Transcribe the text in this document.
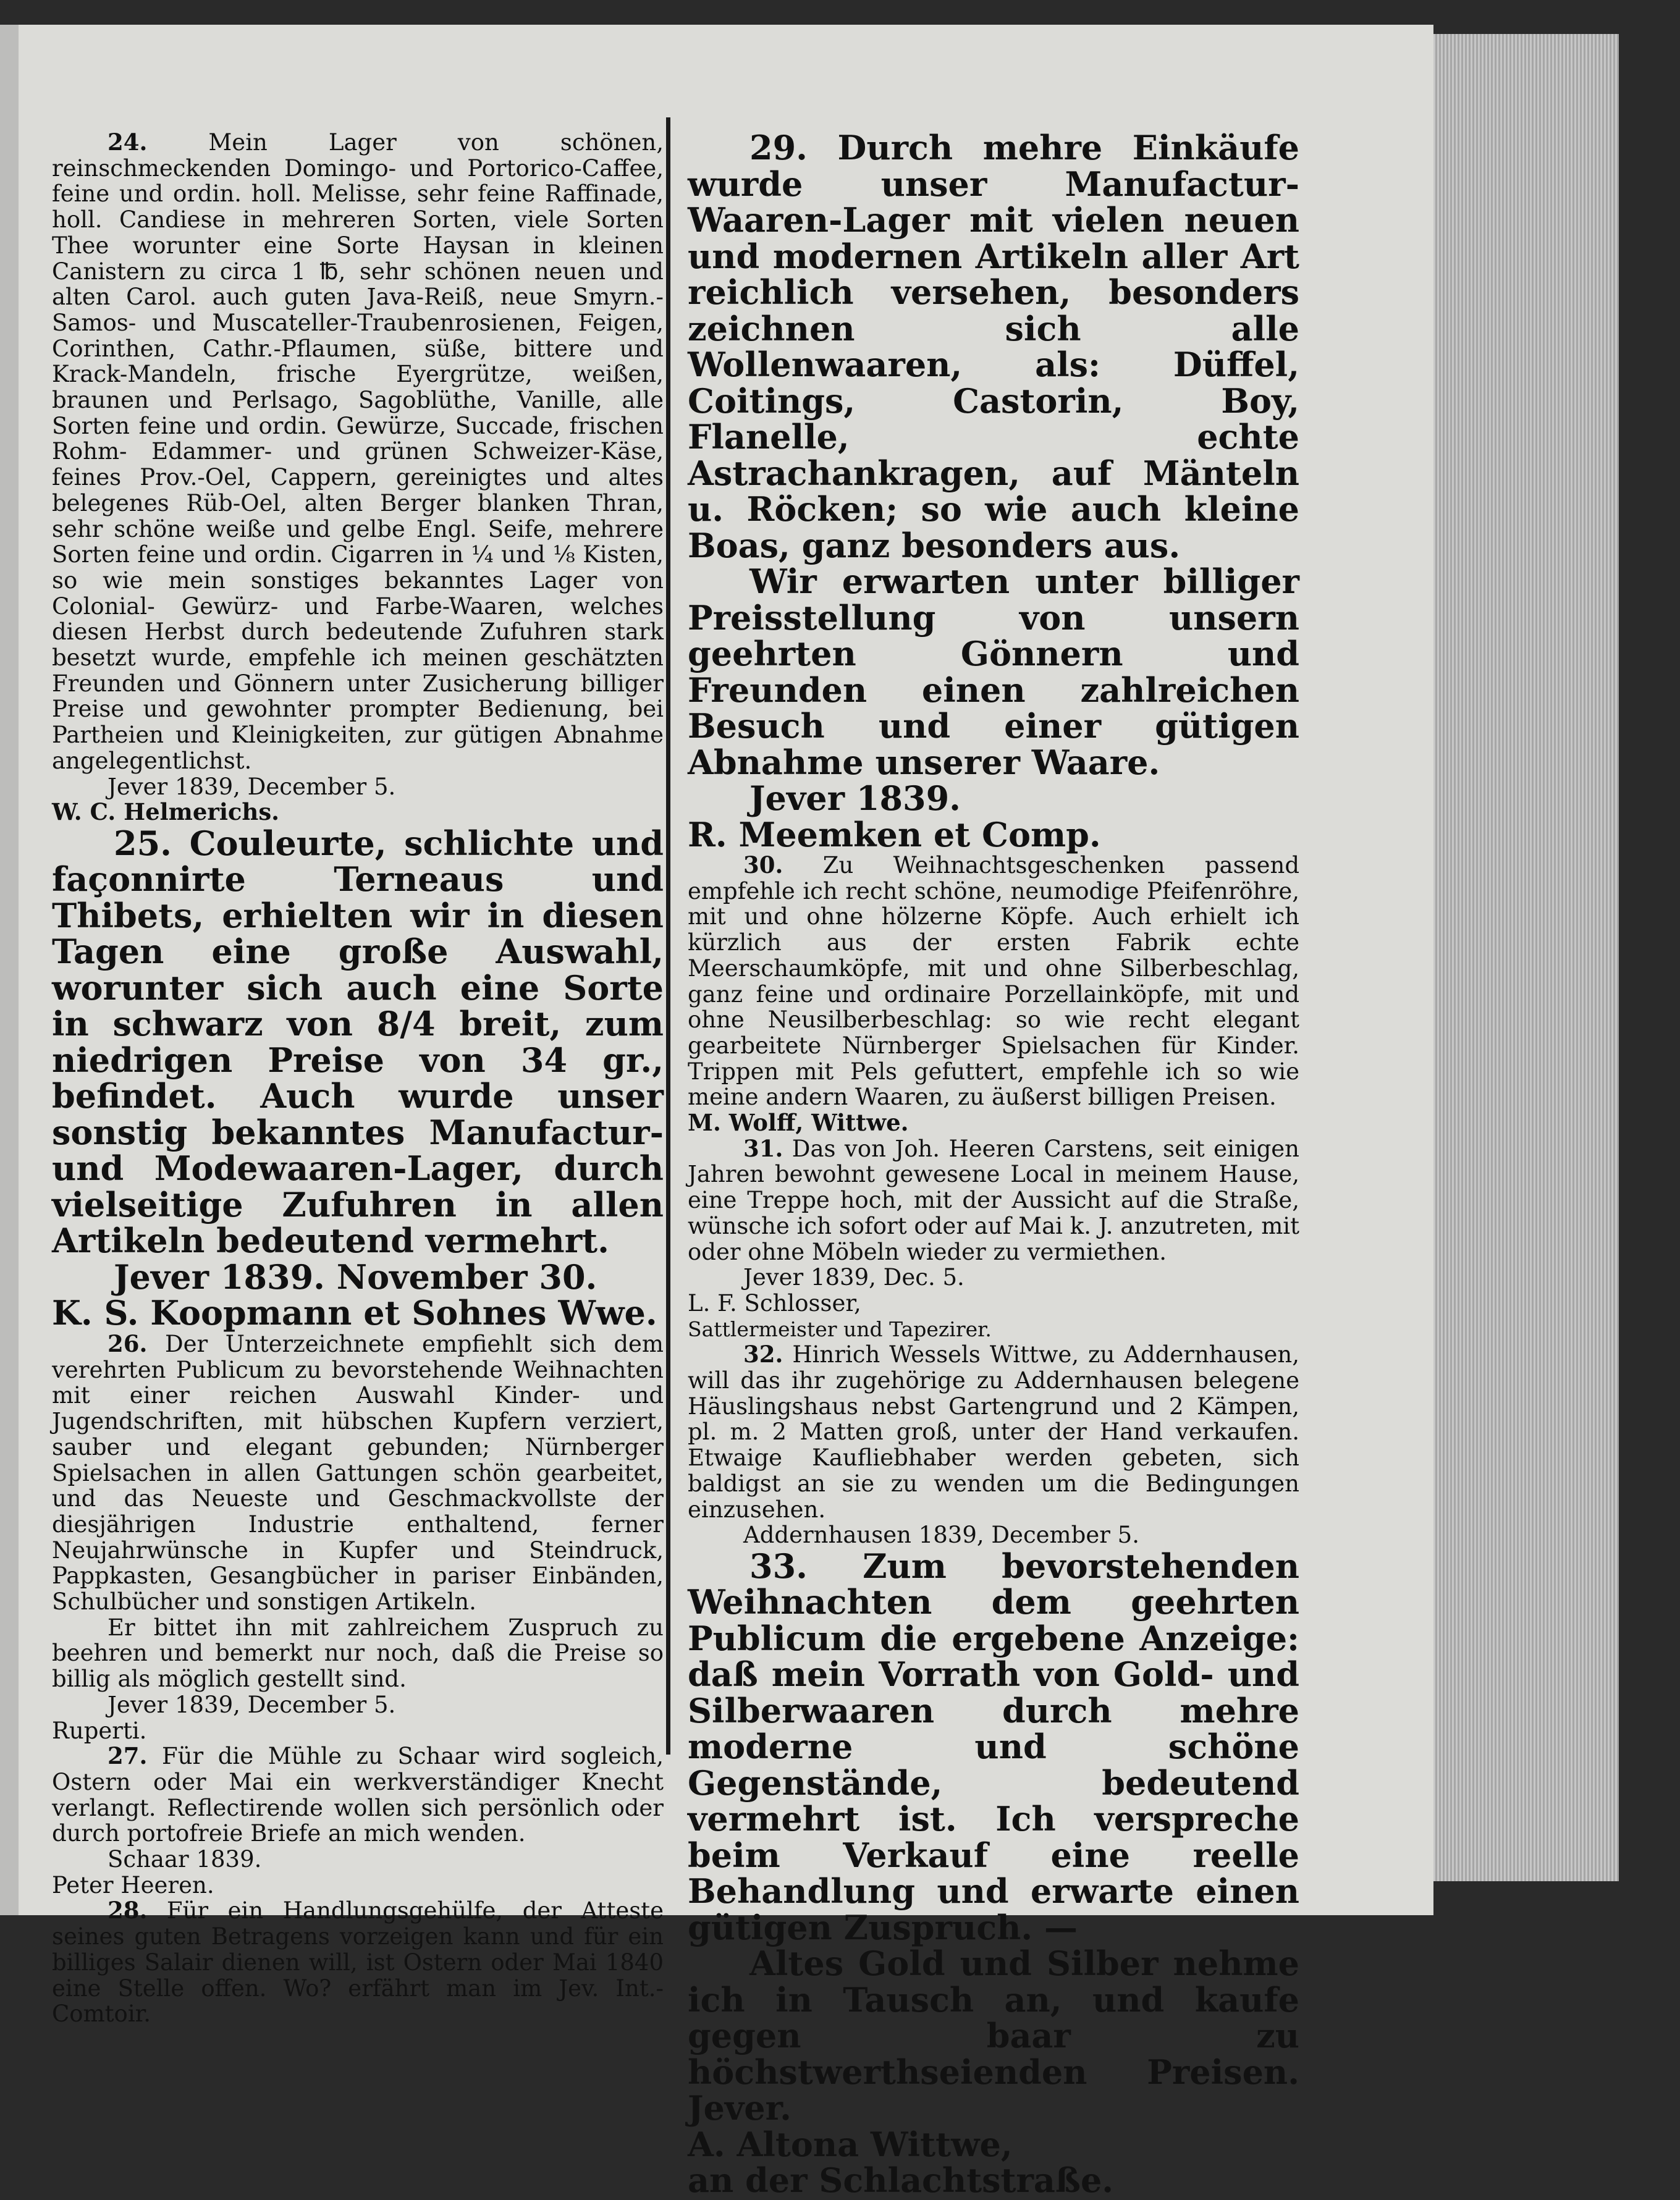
24.	Mein Lager von schönen, reinschmeckenden Domingo- und Portorico-Caffee, feine und ordin. holl. Melisse, sehr feine Raffinade, holl. Candiese in mehreren Sorten, viele Sorten Thee worunter eine Sorte Haysan in kleinen Canistern zu circa 1 ℔, sehr schönen neuen und alten Carol. auch guten Java-Reiß, neue Smyrn.-Samos- und Muscateller-Traubenrosienen, Feigen, Corinthen, Cathr.-Pflaumen, süße, bittere und Krack-Mandeln, frische Eyergrütze, weißen, braunen und Perlsago, Sagoblüthe, Vanille, alle Sorten feine und ordin. Gewürze, Succade, frischen Rohm- Edammer- und grünen Schweizer-Käse, feines Prov.-Oel, Cappern, gereinigtes und altes belegenes Rüb-Oel, alten Berger blanken Thran, sehr schöne weiße und gelbe Engl. Seife, mehrere Sorten feine und ordin. Cigarren in ¼ und ⅛ Kisten, so wie mein sonstiges bekanntes Lager von Colonial- Gewürz- und Farbe-Waaren, welches diesen Herbst durch bedeutende Zufuhren stark besetzt wurde, empfehle ich meinen geschätzten Freunden und Gönnern unter Zusicherung billiger Preise und gewohnter prompter Bedienung, bei Partheien und Kleinigkeiten, zur gütigen Abnahme angelegentlichst.

Jever 1839, December 5.

W. C. Helmerichs.

25. Couleurte, schlichte und façonnirte Terneaus und Thibets, erhielten wir in diesen Tagen eine große Auswahl, worunter sich auch eine Sorte in schwarz von 8/4 breit, zum niedrigen Preise von 34 gr., befindet. Auch wurde unser sonstig bekanntes Manufactur- und Modewaaren-Lager, durch vielseitige Zufuhren in allen Artikeln bedeutend vermehrt.

Jever 1839. November 30.

K. S. Koopmann et Sohnes Wwe.

26. Der Unterzeichnete empfiehlt sich dem verehrten Publicum zu bevorstehende Weihnachten mit einer reichen Auswahl Kinder- und Jugendschriften, mit hübschen Kupfern verziert, sauber und elegant gebunden; Nürnberger Spielsachen in allen Gattungen schön gearbeitet, und das Neueste und Geschmackvollste der diesjährigen Industrie enthaltend, ferner Neujahrwünsche in Kupfer und Steindruck, Pappkasten, Gesangbücher in pariser Einbänden, Schulbücher und sonstigen Artikeln.

Er bittet ihn mit zahlreichem Zuspruch zu beehren und bemerkt nur noch, daß die Preise so billig als möglich gestellt sind.

Jever 1839, December 5.

Ruperti.

27. Für die Mühle zu Schaar wird sogleich, Ostern oder Mai ein werkverständiger Knecht verlangt. Reflectirende wollen sich persönlich oder durch portofreie Briefe an mich wenden.

Schaar 1839.

Peter Heeren.

28. Für ein Handlungsgehülfe, der Atteste seines guten Betragens vorzeigen kann und für ein billiges Salair dienen will, ist Ostern oder Mai 1840 eine Stelle offen. Wo? erfährt man im Jev. Int.-Comtoir.

29. Durch mehre Einkäufe wurde unser Manufactur-Waaren-Lager mit vielen neuen und modernen Artikeln aller Art reichlich versehen, besonders zeichnen sich alle Wollenwaaren, als: Düffel, Coitings, Castorin, Boy, Flanelle, echte Astrachankragen, auf Mänteln u. Röcken; so wie auch kleine Boas, ganz besonders aus.

Wir erwarten unter billiger Preisstellung von unsern geehrten Gönnern und Freunden einen zahlreichen Besuch und einer gütigen Abnahme unserer Waare.

Jever 1839.

R. Meemken et Comp.

30. Zu Weihnachtsgeschenken passend empfehle ich recht schöne, neumodige Pfeifenröhre, mit und ohne hölzerne Köpfe. Auch erhielt ich kürzlich aus der ersten Fabrik echte Meerschaumköpfe, mit und ohne Silberbeschlag, ganz feine und ordinaire Porzellainköpfe, mit und ohne Neusilberbeschlag: so wie recht elegant gearbeitete Nürnberger Spielsachen für Kinder. Trippen mit Pels gefuttert, empfehle ich so wie meine andern Waaren, zu äußerst billigen Preisen.

M. Wolff, Wittwe.

31. Das von Joh. Heeren Carstens, seit einigen Jahren bewohnt gewesene Local in meinem Hause, eine Treppe hoch, mit der Aussicht auf die Straße, wünsche ich sofort oder auf Mai k. J. anzutreten, mit oder ohne Möbeln wieder zu vermiethen.

Jever 1839, Dec. 5.

L. F. Schlosser,

Sattlermeister und Tapezirer.

32. Hinrich Wessels Wittwe, zu Addernhausen, will das ihr zugehörige zu Addernhausen belegene Häuslingshaus nebst Gartengrund und 2 Kämpen, pl. m. 2 Matten groß, unter der Hand verkaufen. Etwaige Kaufliebhaber werden gebeten, sich baldigst an sie zu wenden um die Bedingungen einzusehen.

Addernhausen 1839, December 5.

33. Zum bevorstehenden Weihnachten dem geehrten Publicum die ergebene Anzeige: daß mein Vorrath von Gold- und Silberwaaren durch mehre moderne und schöne Gegenstände, bedeutend vermehrt ist. Ich verspreche beim Verkauf eine reelle Behandlung und erwarte einen gütigen Zuspruch. —

Altes Gold und Silber nehme ich in Tausch an, und kaufe gegen baar zu höchstwerthseienden Preisen. Jever.

A. Altona Wittwe,

an der Schlachtstraße.
